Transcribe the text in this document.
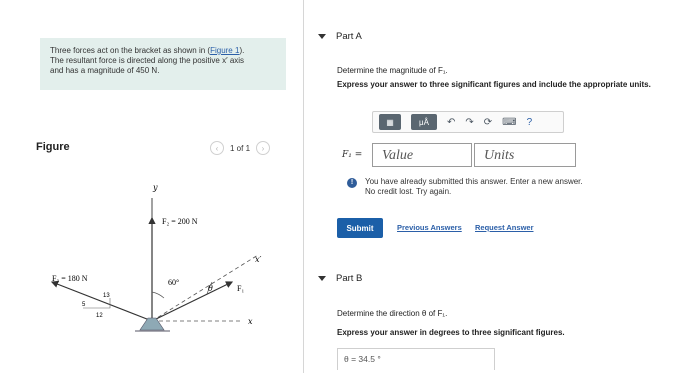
Three forces act on the bracket as shown in (Figure 1).
The resultant force is directed along the positive x′ axis
and has a magnitude of 450 N.
Figure	‹	1 of 1	›
y
F₂ = 200 N
x′
F₁
x
60°
θ
F₃ = 180 N
13
5
12
Part A
Determine the magnitude of F₁.
Express your answer to three significant figures and include the appropriate units.
▦	μÅ	↶ ↷ ⟳ ⌨ ?
F₁ =	Value	Units
!	You have already submitted this answer. Enter a new answer.
No credit lost. Try again.
Submit	Previous Answers Request Answer
Part B
Determine the direction θ of F₁.
Express your answer in degrees to three significant figures.
θ = 34.5 °
